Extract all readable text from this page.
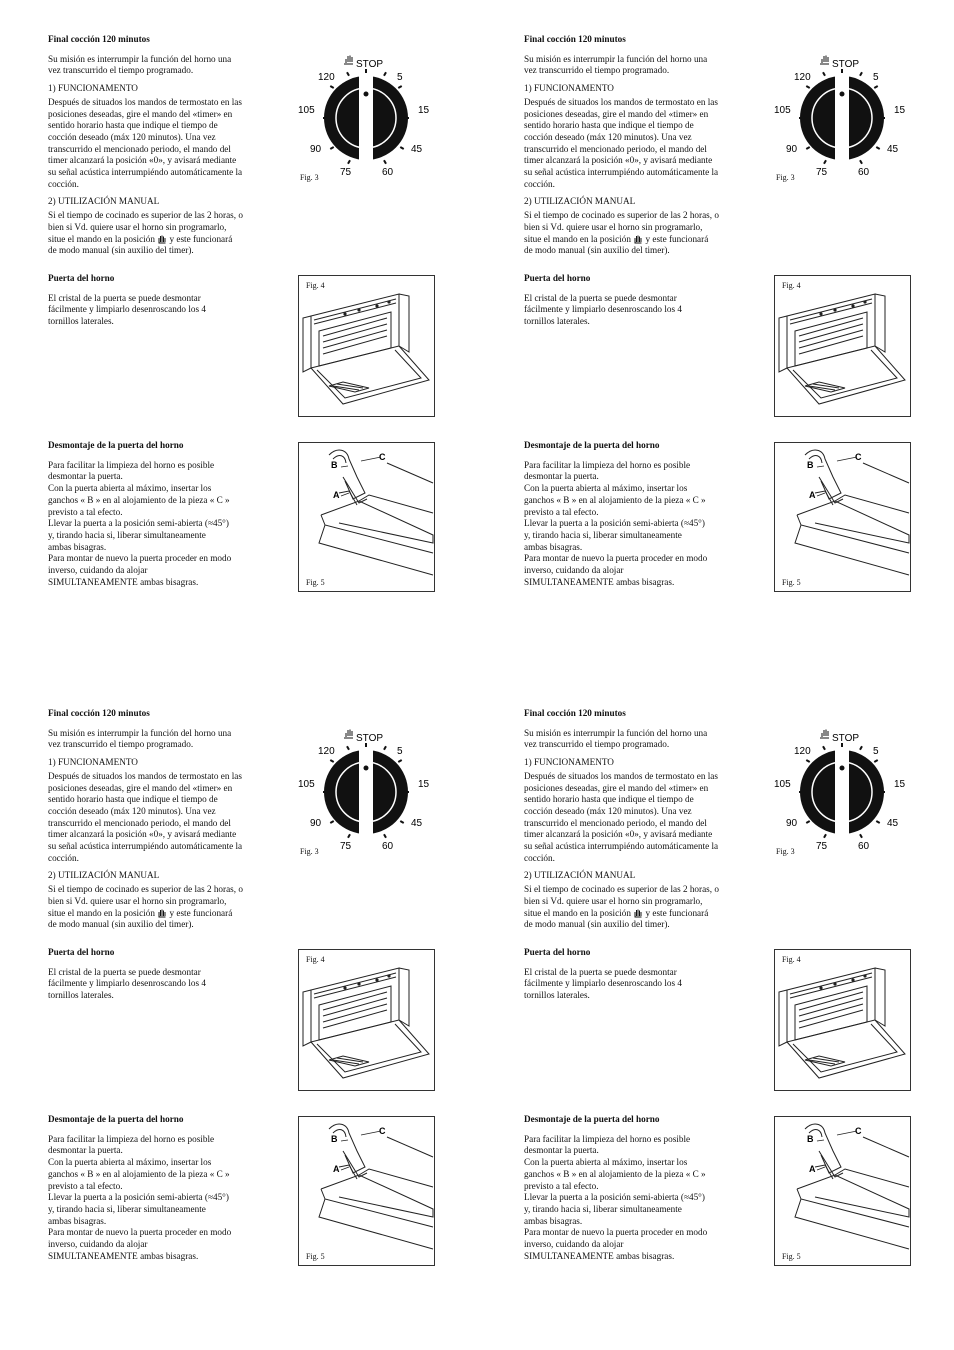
Final cocción 120 minutos

Su misión es interrumpir la función del horno una
vez transcurrido el tiempo programado.

1) FUNCIONAMENTO

Después de situados los mandos de termostato en las
posiciones deseadas, gire el mando del «timer» en
sentido horario hasta que indique el tiempo de
cocción deseado (máx 120 minutos). Una vez
transcurrido el mencionado periodo, el mando del
timer alcanzará la posición «0», y avisará mediante
su señal acústica interrumpiéndo automáticamente la
cocción.

2) UTILIZACIÓN MANUAL

Si el tiempo de cocinado es superior de las 2 horas, o
bien si Vd. quiere usar el horno sin programarlo,
situe el mando en la posición y este funcionará
de modo manual (sin auxilio del timer).

STOP
5
15
45
60
75
90
105
120
Fig. 3
Puerta del horno

El cristal de la puerta se puede desmontar
fácilmente y limpiarlo desenroscando los 4
tornillos laterales.

Fig. 4
Desmontaje de la puerta del horno

Para facilitar la limpieza del horno es posible
desmontar la puerta.
Con la puerta abierta al máximo, insertar los
ganchos « B » en al alojamiento de la pieza « C »
previsto a tal efecto.
Llevar la puerta a la posición semi-abierta (≈45°)
y, tirando hacia si, liberar simultaneamente
ambas bisagras.
Para montar de nuevo la puerta proceder en modo
inverso, cuidando da alojar
SIMULTANEAMENTE ambas bisagras.

C
B
A
Fig. 5
Final cocción 120 minutos

Su misión es interrumpir la función del horno una
vez transcurrido el tiempo programado.

1) FUNCIONAMENTO

Después de situados los mandos de termostato en las
posiciones deseadas, gire el mando del «timer» en
sentido horario hasta que indique el tiempo de
cocción deseado (máx 120 minutos). Una vez
transcurrido el mencionado periodo, el mando del
timer alcanzará la posición «0», y avisará mediante
su señal acústica interrumpiéndo automáticamente la
cocción.

2) UTILIZACIÓN MANUAL

Si el tiempo de cocinado es superior de las 2 horas, o
bien si Vd. quiere usar el horno sin programarlo,
situe el mando en la posición y este funcionará
de modo manual (sin auxilio del timer).

STOP
5
15
45
60
75
90
105
120
Fig. 3
Puerta del horno

El cristal de la puerta se puede desmontar
fácilmente y limpiarlo desenroscando los 4
tornillos laterales.

Fig. 4
Desmontaje de la puerta del horno

Para facilitar la limpieza del horno es posible
desmontar la puerta.
Con la puerta abierta al máximo, insertar los
ganchos « B » en al alojamiento de la pieza « C »
previsto a tal efecto.
Llevar la puerta a la posición semi-abierta (≈45°)
y, tirando hacia si, liberar simultaneamente
ambas bisagras.
Para montar de nuevo la puerta proceder en modo
inverso, cuidando da alojar
SIMULTANEAMENTE ambas bisagras.

C
B
A
Fig. 5
Final cocción 120 minutos

Su misión es interrumpir la función del horno una
vez transcurrido el tiempo programado.

1) FUNCIONAMENTO

Después de situados los mandos de termostato en las
posiciones deseadas, gire el mando del «timer» en
sentido horario hasta que indique el tiempo de
cocción deseado (máx 120 minutos). Una vez
transcurrido el mencionado periodo, el mando del
timer alcanzará la posición «0», y avisará mediante
su señal acústica interrumpiéndo automáticamente la
cocción.

2) UTILIZACIÓN MANUAL

Si el tiempo de cocinado es superior de las 2 horas, o
bien si Vd. quiere usar el horno sin programarlo,
situe el mando en la posición y este funcionará
de modo manual (sin auxilio del timer).

STOP
5
15
45
60
75
90
105
120
Fig. 3
Puerta del horno

El cristal de la puerta se puede desmontar
fácilmente y limpiarlo desenroscando los 4
tornillos laterales.

Fig. 4
Desmontaje de la puerta del horno

Para facilitar la limpieza del horno es posible
desmontar la puerta.
Con la puerta abierta al máximo, insertar los
ganchos « B » en al alojamiento de la pieza « C »
previsto a tal efecto.
Llevar la puerta a la posición semi-abierta (≈45°)
y, tirando hacia si, liberar simultaneamente
ambas bisagras.
Para montar de nuevo la puerta proceder en modo
inverso, cuidando da alojar
SIMULTANEAMENTE ambas bisagras.

C
B
A
Fig. 5
Final cocción 120 minutos

Su misión es interrumpir la función del horno una
vez transcurrido el tiempo programado.

1) FUNCIONAMENTO

Después de situados los mandos de termostato en las
posiciones deseadas, gire el mando del «timer» en
sentido horario hasta que indique el tiempo de
cocción deseado (máx 120 minutos). Una vez
transcurrido el mencionado periodo, el mando del
timer alcanzará la posición «0», y avisará mediante
su señal acústica interrumpiéndo automáticamente la
cocción.

2) UTILIZACIÓN MANUAL

Si el tiempo de cocinado es superior de las 2 horas, o
bien si Vd. quiere usar el horno sin programarlo,
situe el mando en la posición y este funcionará
de modo manual (sin auxilio del timer).

STOP
5
15
45
60
75
90
105
120
Fig. 3
Puerta del horno

El cristal de la puerta se puede desmontar
fácilmente y limpiarlo desenroscando los 4
tornillos laterales.

Fig. 4
Desmontaje de la puerta del horno

Para facilitar la limpieza del horno es posible
desmontar la puerta.
Con la puerta abierta al máximo, insertar los
ganchos « B » en al alojamiento de la pieza « C »
previsto a tal efecto.
Llevar la puerta a la posición semi-abierta (≈45°)
y, tirando hacia si, liberar simultaneamente
ambas bisagras.
Para montar de nuevo la puerta proceder en modo
inverso, cuidando da alojar
SIMULTANEAMENTE ambas bisagras.

C
B
A
Fig. 5
